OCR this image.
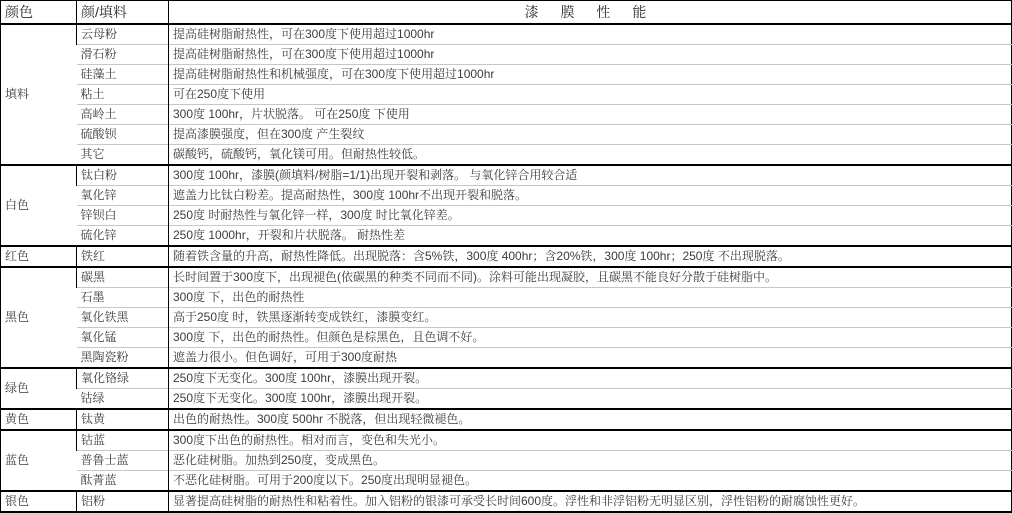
颜色	颜/填料	漆 膜 性 能
填料	云母粉	提高硅树脂耐热性，可在300度下使用超过1000hr
	滑石粉	提高硅树脂耐热性，可在300度下使用超过1000hr
	硅藻土	提高硅树脂耐热性和机械强度，可在300度下使用超过1000hr
	粘土	可在250度下使用
	高岭土	300度 100hr，片状脱落。 可在250度 下使用
	硫酸钡	提高漆膜强度，但在300度 产生裂纹
	其它	碳酸钙，硫酸钙，氧化镁可用。但耐热性较低。
白色	钛白粉	300度 100hr，漆膜(颜填料/树脂=1/1)出现开裂和剥落。 与氧化锌合用较合适
	氧化锌	遮盖力比钛白粉差。提高耐热性，300度 100hr不出现开裂和脱落。
	锌钡白	250度 时耐热性与氧化锌一样，300度 时比氧化锌差。
	硫化锌	250度 1000hr，开裂和片状脱落。 耐热性差
红色	铁红	随着铁含量的升高，耐热性降低。出现脱落：含5%铁，300度 400hr；含20%铁，300度 100hr；250度 不出现脱落。
黑色	碳黑	长时间置于300度下，出现褪色(依碳黑的种类不同而不同)。涂料可能出现凝胶，且碳黑不能良好分散于硅树脂中。
	石墨	300度 下，出色的耐热性
	氧化铁黑	高于250度 时，铁黑逐渐转变成铁红，漆膜变红。
	氧化锰	300度 下，出色的耐热性。但颜色是棕黑色，且色调不好。
	黑陶瓷粉	遮盖力很小。但色调好，可用于300度耐热
绿色	氧化铬绿	250度下无变化。300度 100hr，漆膜出现开裂。
	钴绿	250度下无变化。300度 100hr，漆膜出现开裂。
黄色	钛黄	出色的耐热性。300度 500hr 不脱落，但出现轻微褪色。
蓝色	钴蓝	300度下出色的耐热性。相对而言，变色和失光小。
	普鲁士蓝	恶化硅树脂。加热到250度，变成黑色。
	酞菁蓝	不恶化硅树脂。可用于200度以下。250度出现明显褪色。
银色	铝粉	显著提高硅树脂的耐热性和粘着性。加入铝粉的银漆可承受长时间600度。浮性和非浮铝粉无明显区别，浮性铝粉的耐腐蚀性更好。
